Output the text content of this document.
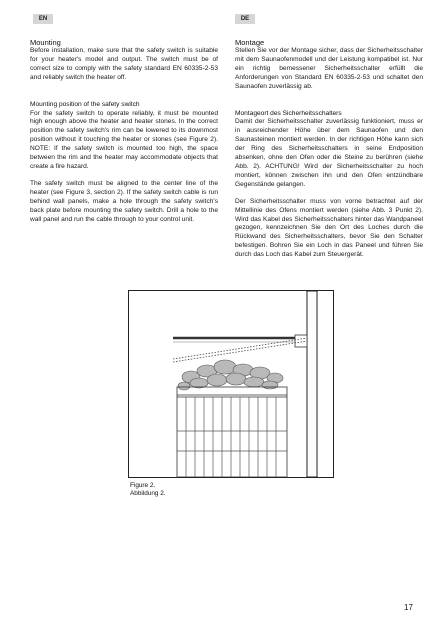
EN	DE
Mounting

Before installation, make sure that the safety switch is suitable for your heater's model and output. The switch must be of correct size to comply with the safety standard EN 60335-2-53 and reliably switch the heater off.

Mounting position of the safety switch

For the safety switch to operate reliably, it must be mounted high enough above the heater and heater stones. In the correct position the safety switch's rim can be lowered to its downmost position without it touching the heater or stones (see Figure 2). NOTE: If the safety switch is mounted too high, the space between the rim and the heater may accommodate objects that create a fire hazard.

The safety switch must be aligned to the center line of the heater (see Figure 3, section 2). If the safety switch cable is run behind wall panels, make a hole through the safety switch's back plate before mounting the safety switch. Drill a hole to the wall panel and run the cable through to your control unit.

Montage

Stellen Sie vor der Montage sicher, dass der Sicherheitsschalter mit dem Saunaofenmodell und der Leistung kompatibel ist. Nur ein richtig bemessener Sicherheitsschalter erfüllt die Anforderungen von Standard EN 60335-2-53 und schaltet den Saunaofen zuverlässig ab.

Montageort des Sicherheitsschalters

Damit der Sicherheitsschalter zuverlässig funktioniert, muss er in ausreichender Höhe über dem Saunaofen und den Saunasteinen montiert werden. In der richtigen Höhe kann sich der Ring des Sicherheitsschalters in seine Endposition absenken, ohne den Ofen oder die Steine zu berühren (siehe Abb. 2). ACHTUNG! Wird der Sicherheitsschalter zu hoch montiert, können zwischen ihn und den Ofen entzündbare Gegenstände gelangen.

Der Sicherheitsschalter muss von vorne betrachtet auf der Mittellinie des Ofens montiert werden (siehe Abb. 3 Punkt 2). Wird das Kabel des Sicherheitsschalters hinter das Wandpaneel gezogen, kennzeichnen Sie den Ort des Loches durch die Rückwand des Sicherheitsschalters, bevor Sie den Schalter befestigen. Bohren Sie ein Loch in das Paneel und führen Sie durch das Loch das Kabel zum Steuergerät.

Figure 2.
Abbildung 2.
17
